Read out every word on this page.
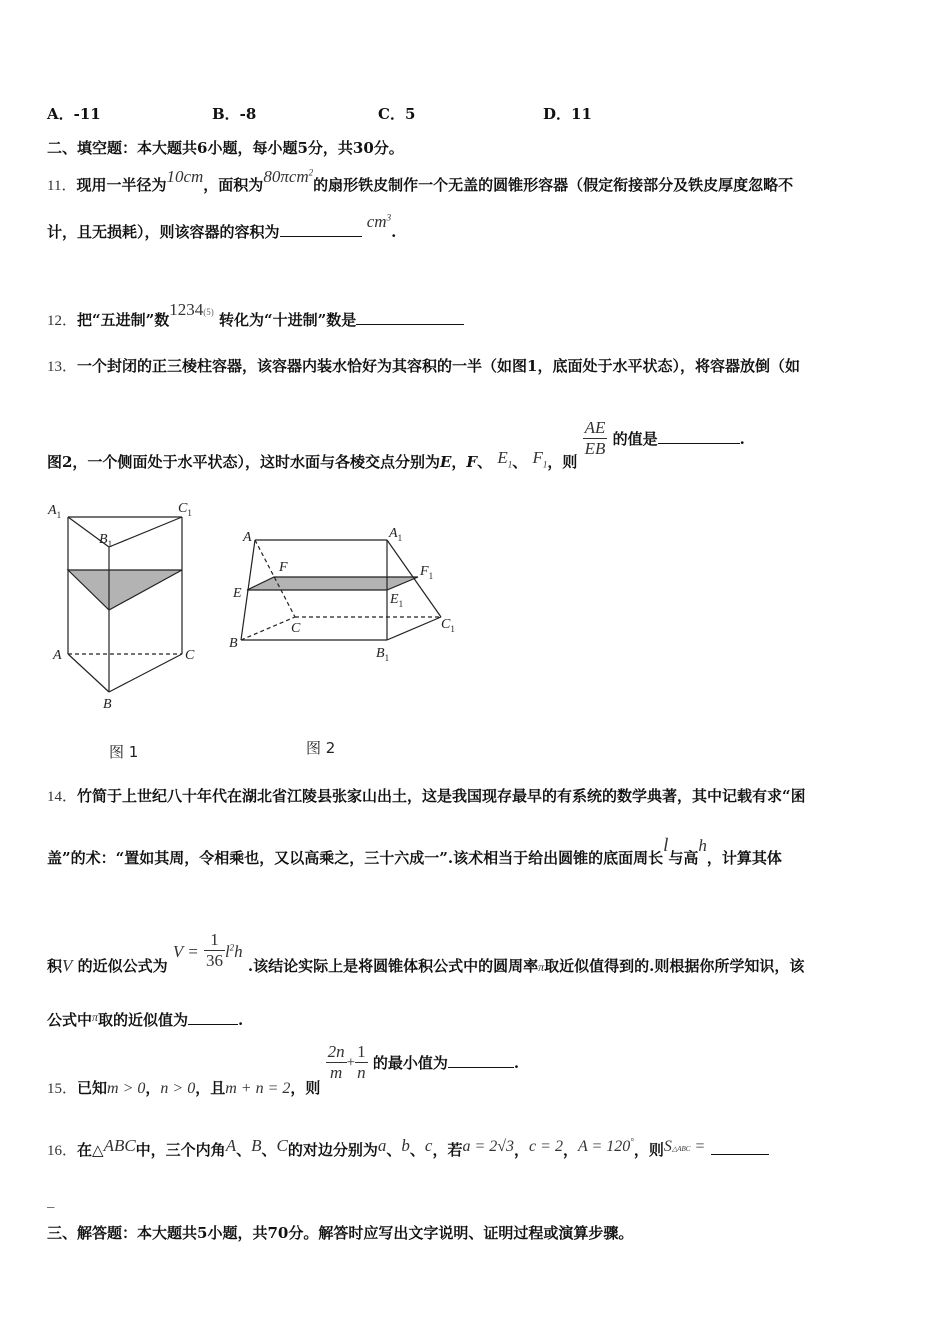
A．-11	B．-8	C．5	D．11
二、填空题：本大题共6小题，每小题5分，共30分。
11．现用一半径为10cm，面积为80πcm$^2$的扇形铁皮制作一个无盖的圆锥形容器（假定衔接部分及铁皮厚度忽略不
计，且无损耗），则该容器的容积为 $cm^3$.
12．把“五进制”数1234(5) 转化为“十进制”数是
13．一个封闭的正三棱柱容器，该容器内装水恰好为其容积的一半（如图1，底面处于水平状态），将容器放倒（如
图2，一个侧面处于水平状态），这时水面与各棱交点分别为E，F、 $E_1$、 $F_1$，则
$\frac{AE}{EB}$ 的值是	.
$A_1$	$C_1$
$B_1$
A	C
B
图 1
A	$A_1$
F	$F_1$
E	$E_1$
C	$C_1$
B
$B_1$
图 2
14．竹简于上世纪八十年代在湖北省江陵县张家山出土，这是我国现存最早的有系统的数学典著，其中记载有求“囷
盖”的术：“置如其周，令相乘也，又以高乘之，三十六成一”.该术相当于给出圆锥的底面周长l与高h，计算其体
积V 的近似公式为 $V = \frac{1}{36} l^2h$ .该结论实际上是将圆锥体积公式中的圆周率$_\pi$取近似值得到的.则根据你所学知识，该
公式中$^\pi$取的近似值为	.
15．已知m > 0，n > 0，且m + n = 2，则
$\frac{2n}{m} + \frac{1}{n}$ 的最小值为	.
16．在△ABC中，三个内角A、B、C的对边分别为a、b、c，若a = 2√3，c = 2，A = 120°，则S△ABC =
_
三、解答题：本大题共5小题，共70分。解答时应写出文字说明、证明过程或演算步骤。
